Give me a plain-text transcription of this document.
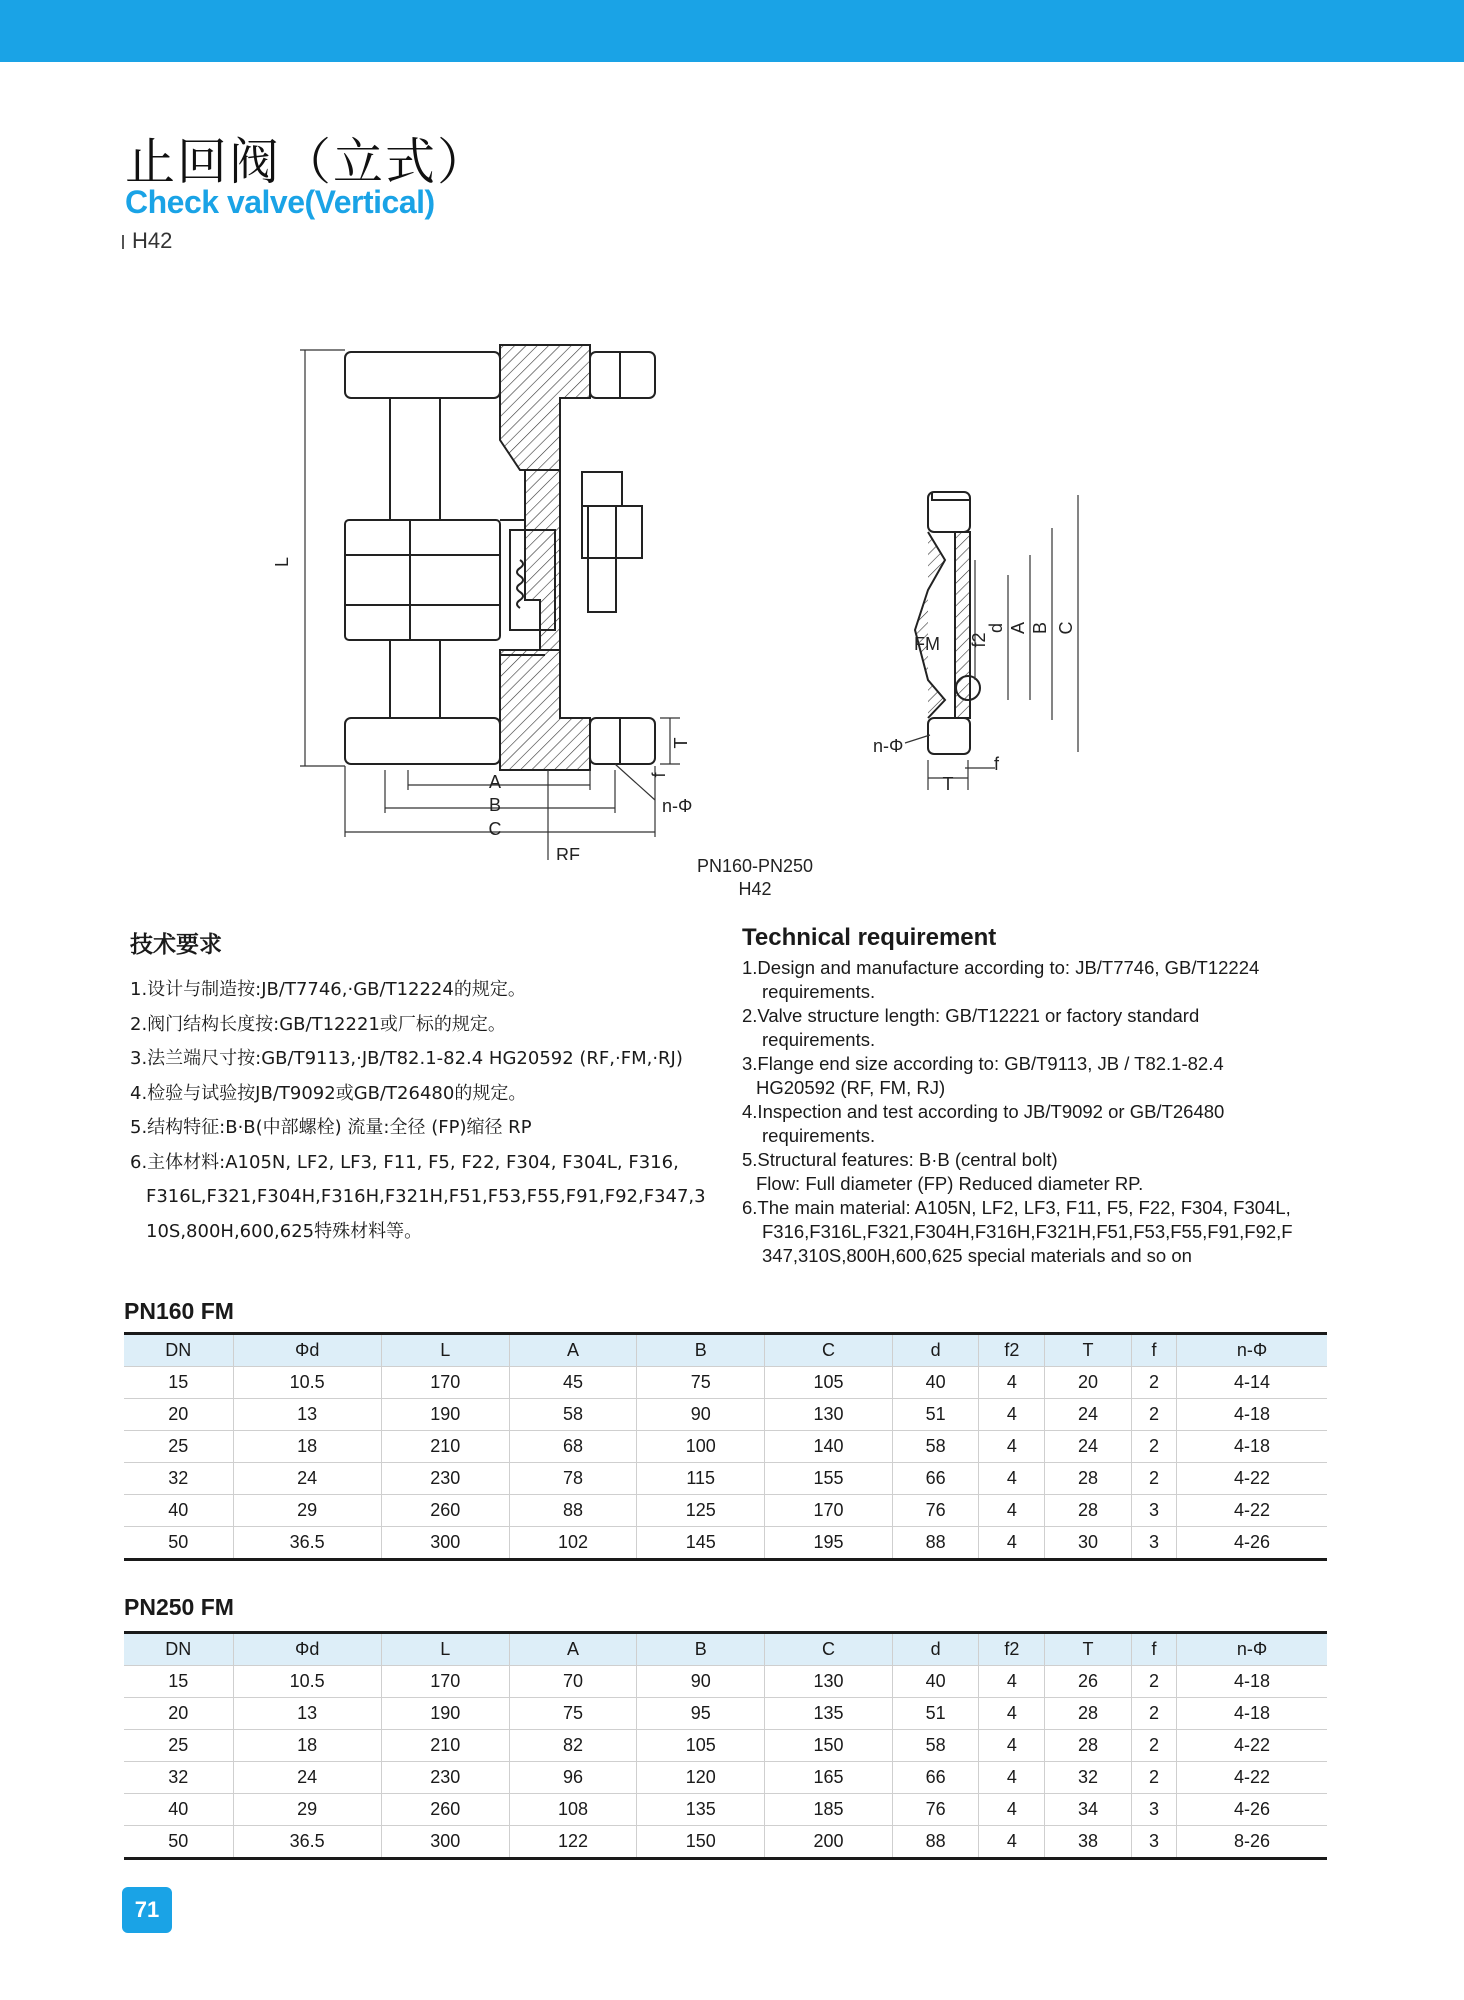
止回阀（立式）
Check valve(Vertical)
H42
L
A
B
C
RF
T
f
n-Φ
FM f2
d A B C
n-Φ
T
f
PN160-PN250
H42
技术要求

1.设计与制造按:JB/T7746,·GB/T12224的规定。

2.阀门结构长度按:GB/T12221或厂标的规定。

3.法兰端尺寸按:GB/T9113,·JB/T82.1-82.4 HG20592 (RF,·FM,·RJ)

4.检验与试验按JB/T9092或GB/T26480的规定。

5.结构特征:B·B(中部螺栓) 流量:全径 (FP)缩径 RP

6.主体材料:A105N, LF2, LF3, F11, F5, F22, F304, F304L, F316,

F316L,F321,F304H,F316H,F321H,F51,F53,F55,F91,F92,F347,3

10S,800H,600,625特殊材料等。

Technical requirement

1.Design and manufacture according to: JB/T7746, GB/T12224

requirements.

2.Valve structure length: GB/T12221 or factory standard

requirements.

3.Flange end size according to: GB/T9113, JB / T82.1-82.4

HG20592 (RF, FM, RJ)

4.Inspection and test according to JB/T9092 or GB/T26480

requirements.

5.Structural features: B·B (central bolt)

Flow: Full diameter (FP) Reduced diameter RP.

6.The main material: A105N, LF2, LF3, F11, F5, F22, F304, F304L,

F316,F316L,F321,F304H,F316H,F321H,F51,F53,F55,F91,F92,F

347,310S,800H,600,625 special materials and so on

PN160 FM
DN	Φd	L	A	B	C	d	f2	T	f	n-Φ
15	10.5	170	45	75	105	40	4	20	2	4-14
20	13	190	58	90	130	51	4	24	2	4-18
25	18	210	68	100	140	58	4	24	2	4-18
32	24	230	78	115	155	66	4	28	2	4-22
40	29	260	88	125	170	76	4	28	3	4-22
50	36.5	300	102	145	195	88	4	30	3	4-26
PN250 FM
DN	Φd	L	A	B	C	d	f2	T	f	n-Φ
15	10.5	170	70	90	130	40	4	26	2	4-18
20	13	190	75	95	135	51	4	28	2	4-18
25	18	210	82	105	150	58	4	28	2	4-22
32	24	230	96	120	165	66	4	32	2	4-22
40	29	260	108	135	185	76	4	34	3	4-26
50	36.5	300	122	150	200	88	4	38	3	8-26
71
